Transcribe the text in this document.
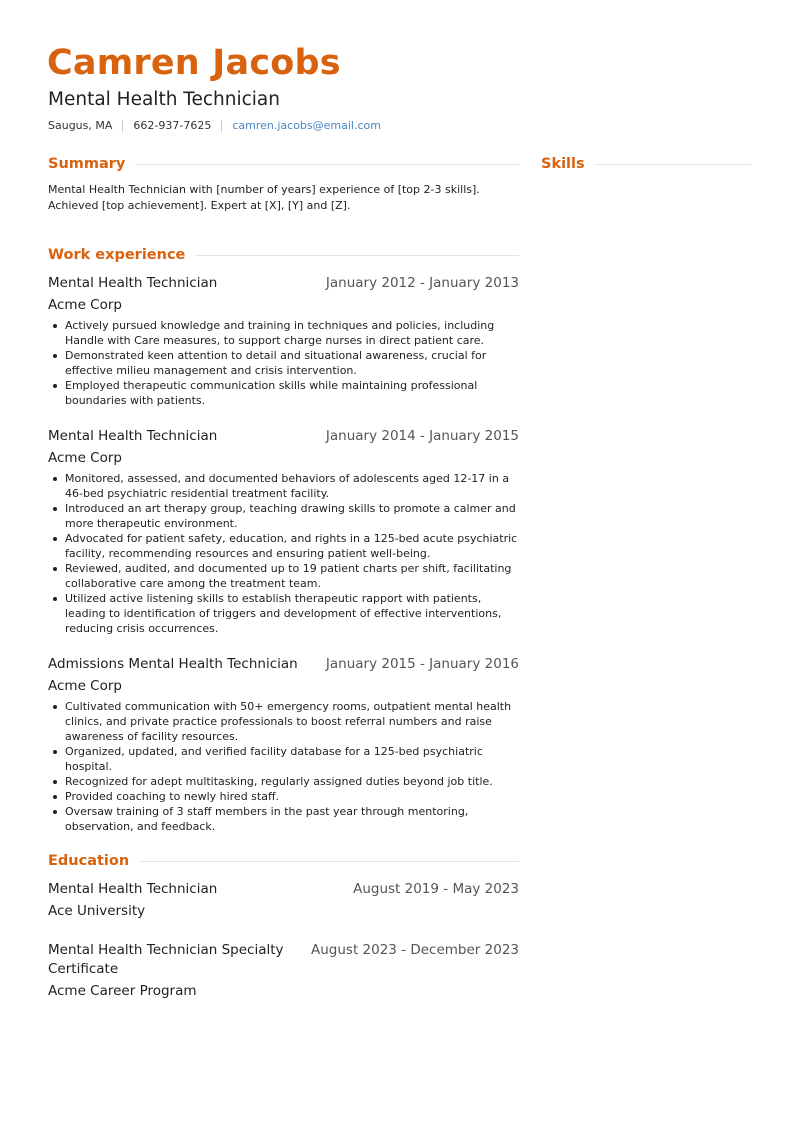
Camren Jacobs
Mental Health Technician
Saugus, MA 662-937-7625 camren.jacobs@email.com
Summary
Mental Health Technician with [number of years] experience of [top 2-3 skills]. Achieved [top achievement]. Expert at [X], [Y] and [Z].
Skills
Work experience
Mental Health Technician	January 2012 - January 2013
Acme Corp
Actively pursued knowledge and training in techniques and policies, including Handle with Care measures, to support charge nurses in direct patient care.
Demonstrated keen attention to detail and situational awareness, crucial for effective milieu management and crisis intervention.
Employed therapeutic communication skills while maintaining professional boundaries with patients.
Mental Health Technician	January 2014 - January 2015
Acme Corp
Monitored, assessed, and documented behaviors of adolescents aged 12-17 in a 46-bed psychiatric residential treatment facility.
Introduced an art therapy group, teaching drawing skills to promote a calmer and more therapeutic environment.
Advocated for patient safety, education, and rights in a 125-bed acute psychiatric facility, recommending resources and ensuring patient well-being.
Reviewed, audited, and documented up to 19 patient charts per shift, facilitating collaborative care among the treatment team.
Utilized active listening skills to establish therapeutic rapport with patients, leading to identification of triggers and development of effective interventions, reducing crisis occurrences.
Admissions Mental Health Technician January 2015 - January 2016
Acme Corp
Cultivated communication with 50+ emergency rooms, outpatient mental health clinics, and private practice professionals to boost referral numbers and raise awareness of facility resources.
Organized, updated, and verified facility database for a 125-bed psychiatric hospital.
Recognized for adept multitasking, regularly assigned duties beyond job title.
Provided coaching to newly hired staff.
Oversaw training of 3 staff members in the past year through mentoring, observation, and feedback.
Education
Mental Health Technician	August 2019 - May 2023
Ace University
Mental Health Technician Specialty Certificate
August 2023 - December 2023
Acme Career Program
